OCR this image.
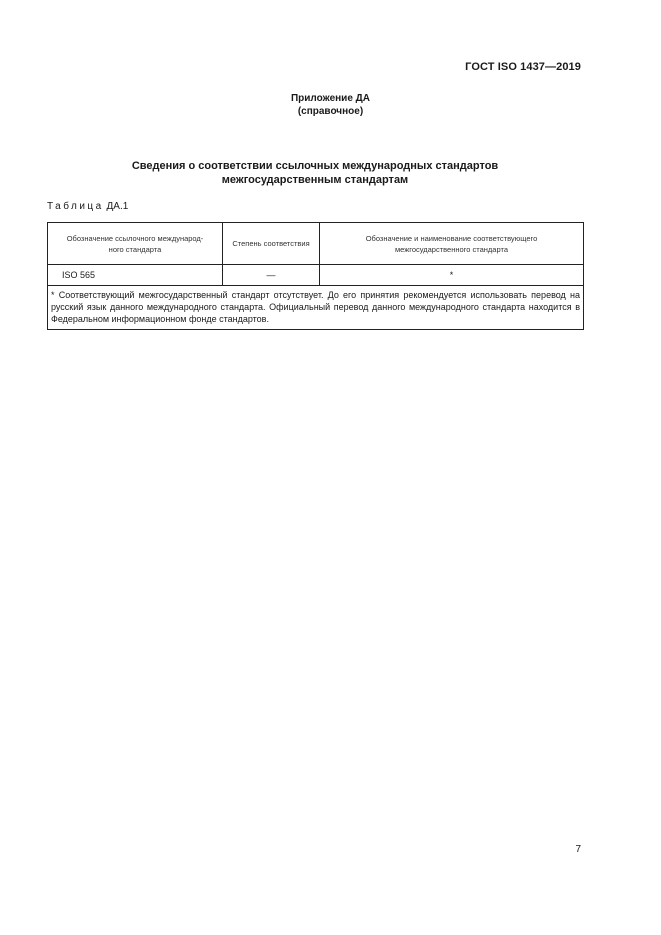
ГОСТ ISO 1437—2019
Приложение ДА
(справочное)
Сведения о соответствии ссылочных международных стандартов
межгосударственным стандартам
Таблица ДА.1
Обозначение ссылочного международ-ного стандарта	Степень соответствия	Обозначение и наименование соответствующего межгосударственного стандарта
ISO 565	—	*
* Соответствующий межгосударственный стандарт отсутствует. До его принятия рекомендуется использовать перевод на русский язык данного международного стандарта. Официальный перевод данного международного стандарта находится в Федеральном информационном фонде стандартов.		
7
